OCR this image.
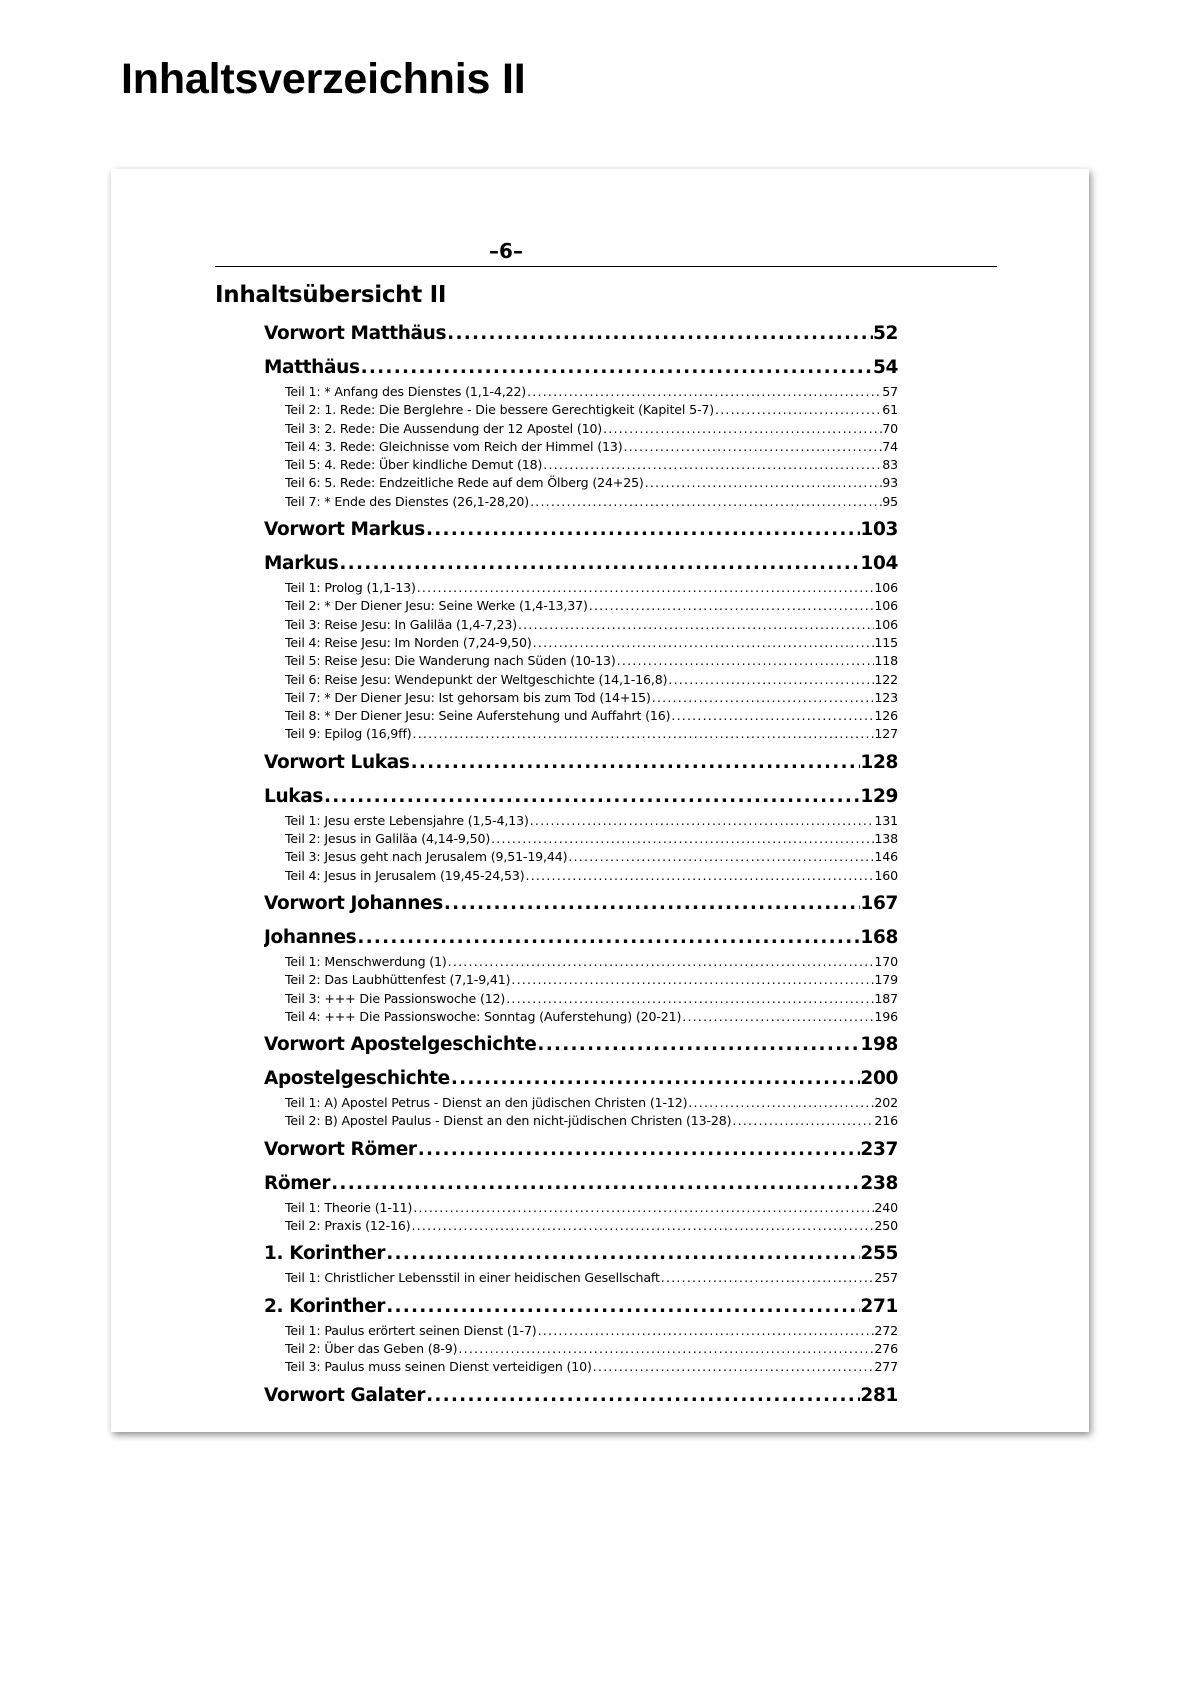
Inhaltsverzeichnis II
–6–
Inhaltsübersicht II
Vorwort Matthäus . . .	52
Matthäus . . .	54
Teil 1: * Anfang des Dienstes (1,1-4,22) . . .	57
Teil 2: 1. Rede: Die Berglehre - Die bessere Gerechtigkeit (Kapitel 5-7) . . .	61
Teil 3: 2. Rede: Die Aussendung der 12 Apostel (10) . . .	70
Teil 4: 3. Rede: Gleichnisse vom Reich der Himmel (13) . . .	74
Teil 5: 4. Rede: Über kindliche Demut (18) . . .	83
Teil 6: 5. Rede: Endzeitliche Rede auf dem Ölberg (24+25) . . .	93
Teil 7: * Ende des Dienstes (26,1-28,20) . . .	95
Vorwort Markus . . .	103
Markus . . .	104
Teil 1: Prolog (1,1-13) . . .	106
Teil 2: * Der Diener Jesu: Seine Werke (1,4-13,37) . . .	106
Teil 3: Reise Jesu: In Galiläa (1,4-7,23) . . .	106
Teil 4: Reise Jesu: Im Norden (7,24-9,50) . . .	115
Teil 5: Reise Jesu: Die Wanderung nach Süden (10-13) . . .	118
Teil 6: Reise Jesu: Wendepunkt der Weltgeschichte (14,1-16,8) . . .	122
Teil 7: * Der Diener Jesu: Ist gehorsam bis zum Tod (14+15) . . .	123
Teil 8: * Der Diener Jesu: Seine Auferstehung und Auffahrt (16) . . .	126
Teil 9: Epilog (16,9ff) . . .	127
Vorwort Lukas . . .	128
Lukas . . .	129
Teil 1: Jesu erste Lebensjahre (1,5-4,13) . . .	131
Teil 2: Jesus in Galiläa (4,14-9,50) . . .	138
Teil 3: Jesus geht nach Jerusalem (9,51-19,44) . . .	146
Teil 4: Jesus in Jerusalem (19,45-24,53) . . .	160
Vorwort Johannes . . .	167
Johannes . . .	168
Teil 1: Menschwerdung (1) . . .	170
Teil 2: Das Laubhüttenfest (7,1-9,41) . . .	179
Teil 3: +++ Die Passionswoche (12) . . .	187
Teil 4: +++ Die Passionswoche: Sonntag (Auferstehung) (20-21) . . .	196
Vorwort Apostelgeschichte . . .	198
Apostelgeschichte . . .	200
Teil 1: A) Apostel Petrus - Dienst an den jüdischen Christen (1-12) . . .	202
Teil 2: B) Apostel Paulus - Dienst an den nicht-jüdischen Christen (13-28) . . .	216
Vorwort Römer . . .	237
Römer . . .	238
Teil 1: Theorie (1-11) . . .	240
Teil 2: Praxis (12-16) . . .	250
1. Korinther . . .	255
Teil 1: Christlicher Lebensstil in einer heidischen Gesellschaft . . .	257
2. Korinther . . .	271
Teil 1: Paulus erörtert seinen Dienst (1-7) . . .	272
Teil 2: Über das Geben (8-9) . . .	276
Teil 3: Paulus muss seinen Dienst verteidigen (10) . . .	277
Vorwort Galater . . .	281
